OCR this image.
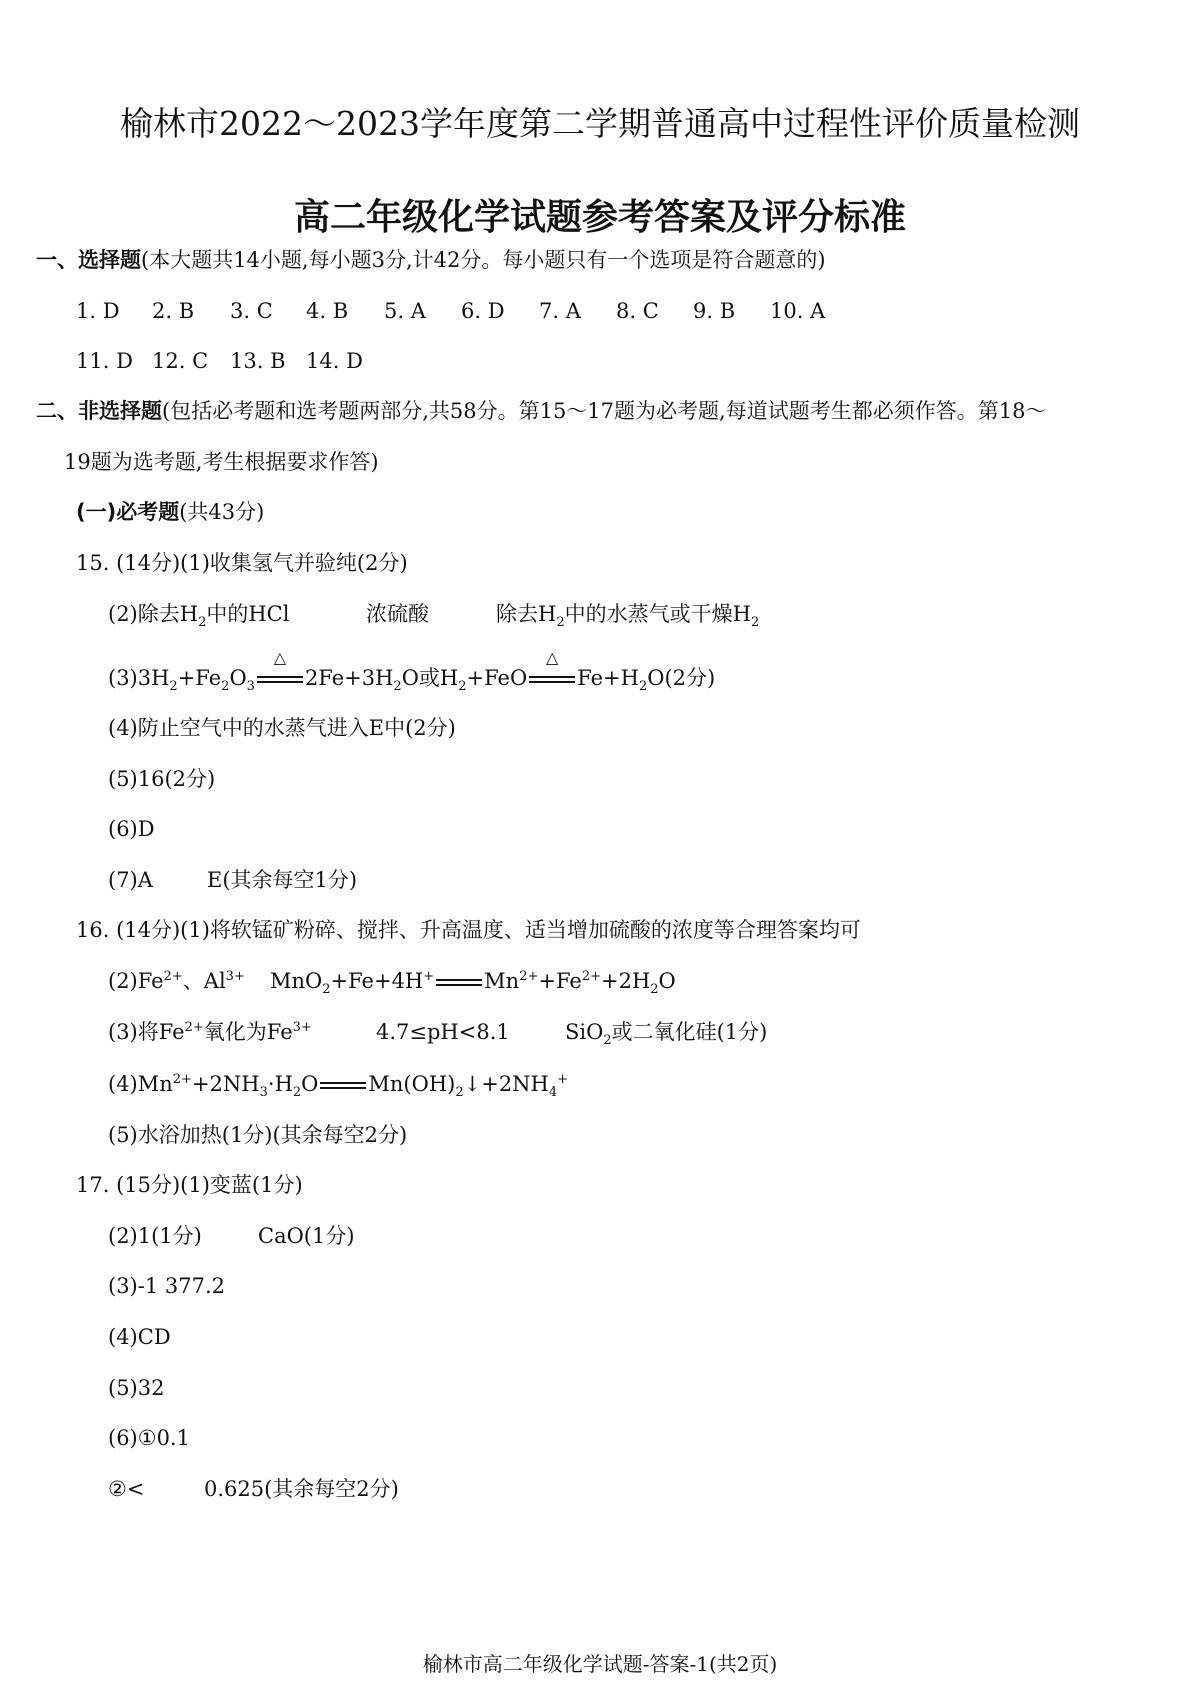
榆林市2022～2023学年度第二学期普通高中过程性评价质量检测
高二年级化学试题参考答案及评分标准
一、选择题(本大题共14小题,每小题3分,计42分。每小题只有一个选项是符合题意的)
1. D 2. B 3. C 4. B 5. A 6. D 7. A 8. C 9. B 10. A
11. D 12. C 13. B 14. D
二、非选择题(包括必考题和选考题两部分,共58分。第15～17题为必考题,每道试题考生都必须作答。第18～
19题为选考题,考生根据要求作答)
(一)必考题(共43分)
15. (14分)(1)收集氢气并验纯(2分)
(2)除去$H_2$中的HCl	浓硫酸	除去$H_2$中的水蒸气或干燥$H_2$
$(3)3H_2+Fe_2O_3$
△
$2Fe+3H_2O$或$H_2+FeO$
△
$Fe+H_2O(2$分)
(4)防止空气中的水蒸气进入E中(2分)
(5)16(2分)
(6)D
(7)A	E(其余每空1分)
16. (14分)(1)将软锰矿粉碎、搅拌、升高温度、适当增加硫酸的浓度等合理答案均可
$(2)Fe^{2+}$、$Al^{3+}$ MnO$_2$+Fe+4H+ $Mn^{2+}+Fe^{2+}+2H_2O$
(3)将$Fe^{2+}$氧化为$Fe^{3+}$	4.7≤pH<8.1	SiO$_2$或二氧化硅(1分)
$(4)Mn^{2+}+2NH_3\cdot H_2O$ $Mn(OH)_2↓+2NH_4^+$
(5)水浴加热(1分)(其余每空2分)
17. (15分)(1)变蓝(1分)
(2)1(1分)	CaO(1分)
(3)-1 377.2
(4)CD
(5)32
(6)①0.1
②<	0.625(其余每空2分)
榆林市高二年级化学试题-答案-1(共2页)
